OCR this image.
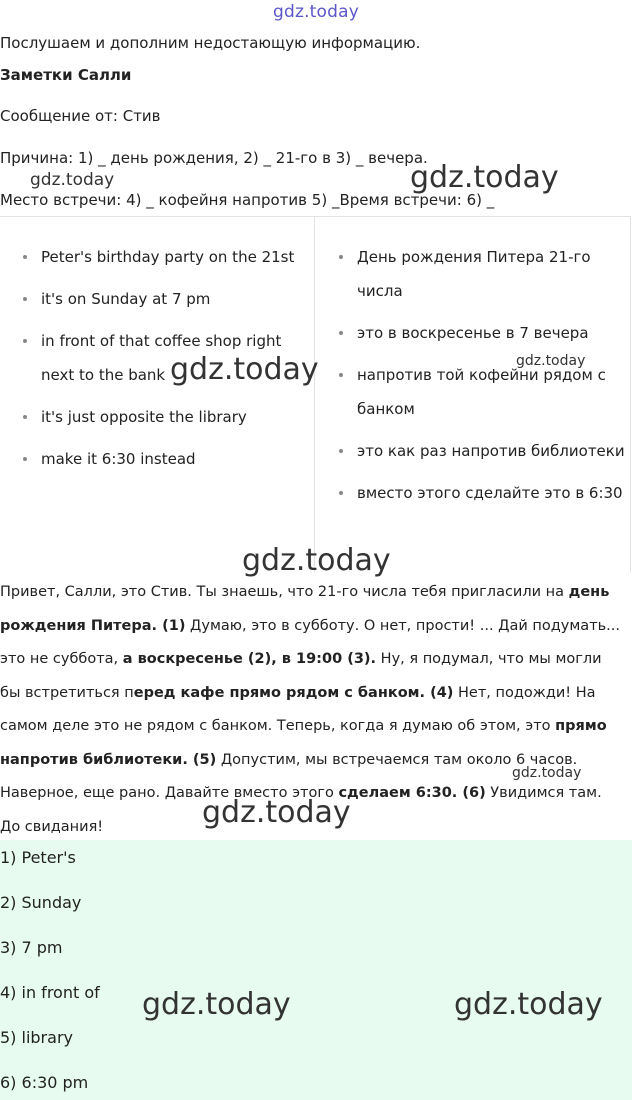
gdz.today

Послушаем и дополним недостающую информацию.

Заметки Салли

Сообщение от: Стив

Причина: 1) _ день рождения, 2) _ 21-го в 3) _ вечера.

Место встречи: 4) _ кофейня напротив 5) _Время встречи: 6) _

Peter's birthday party on the 21st
it's on Sunday at 7 pm
in front of that coffee shop right next to the bank
it's just opposite the library
make it 6:30 instead
День рождения Питера 21-го числа
это в воскресенье в 7 вечера
напротив той кофейни рядом с банком
это как раз напротив библиотеки
вместо этого сделайте это в 6:30

Привет, Салли, это Стив. Ты знаешь, что 21-го числа тебя пригласили на день рождения Питера. (1) Думаю, это в субботу. О нет, прости! ... Дай подумать... это не суббота, а воскресенье (2), в 19:00 (3). Ну, я подумал, что мы могли бы встретиться перед кафе прямо рядом с банком. (4) Нет, подожди! На самом деле это не рядом с банком. Теперь, когда я думаю об этом, это прямо напротив библиотеки. (5) Допустим, мы встречаемся там около 6 часов. Наверное, еще рано. Давайте вместо этого сделаем 6:30. (6) Увидимся там. До свидания!

1) Peter's

2) Sunday

3) 7 pm

4) in front of

5) library

6) 6:30 pm

gdz.today	gdz.today
gdz.today	gdz.today
gdz.today
gdz.today
gdz.today
gdz.today	gdz.today
